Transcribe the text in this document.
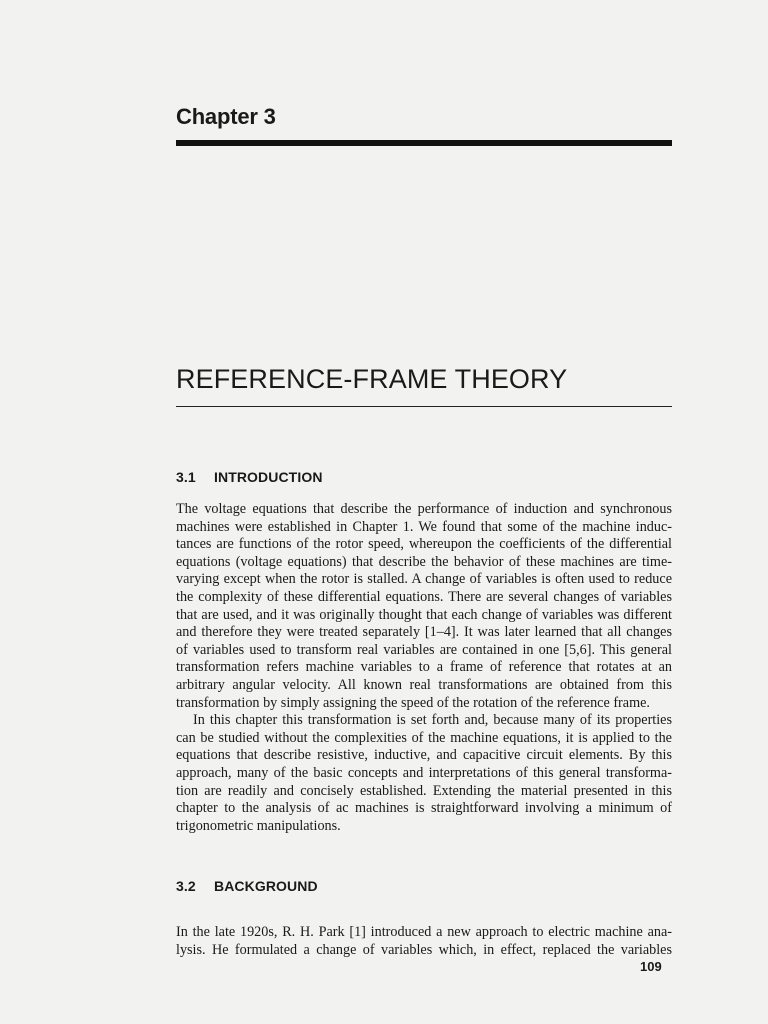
Chapter 3
REFERENCE-FRAME THEORY
3.1 INTRODUCTION
The voltage equations that describe the performance of induction and synchronous
machines were established in Chapter 1. We found that some of the machine induc-
tances are functions of the rotor speed, whereupon the coefficients of the differential
equations (voltage equations) that describe the behavior of these machines are time-
varying except when the rotor is stalled. A change of variables is often used to reduce
the complexity of these differential equations. There are several changes of variables
that are used, and it was originally thought that each change of variables was different
and therefore they were treated separately [1–4]. It was later learned that all changes
of variables used to transform real variables are contained in one [5,6]. This general
transformation refers machine variables to a frame of reference that rotates at an
arbitrary angular velocity. All known real transformations are obtained from this
transformation by simply assigning the speed of the rotation of the reference frame.
In this chapter this transformation is set forth and, because many of its properties
can be studied without the complexities of the machine equations, it is applied to the
equations that describe resistive, inductive, and capacitive circuit elements. By this
approach, many of the basic concepts and interpretations of this general transforma-
tion are readily and concisely established. Extending the material presented in this
chapter to the analysis of ac machines is straightforward involving a minimum of
trigonometric manipulations.
3.2 BACKGROUND
In the late 1920s, R. H. Park [1] introduced a new approach to electric machine ana-
lysis. He formulated a change of variables which, in effect, replaced the variables
109
